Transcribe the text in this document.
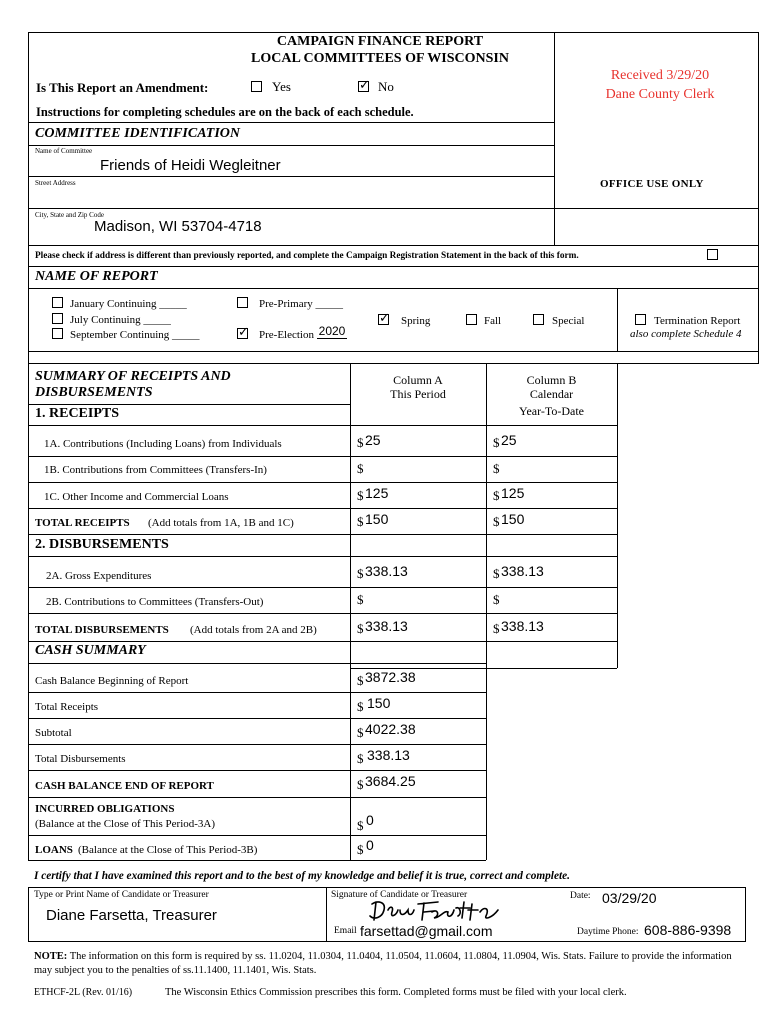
CAMPAIGN FINANCE REPORT
LOCAL COMMITTEES OF WISCONSIN
Is This Report an Amendment:	Yes
✓	No
Instructions for completing schedules are on the back of each schedule.
Received 3/29/20
Dane County Clerk
OFFICE USE ONLY
COMMITTEE IDENTIFICATION
Name of Committee
Friends of Heidi Wegleitner
Street Address
City, State and Zip Code
Madison, WI 53704-4718
Please check if address is different than previously reported, and complete the Campaign Registration Statement in the back of this form.
NAME OF REPORT
January Continuing _____
July Continuing _____
September Continuing _____
Pre-Primary _____
✓
Pre-Election 2020
✓
Spring	Fall	Special	Termination Report
also complete Schedule 4
SUMMARY OF RECEIPTS AND
DISBURSEMENTS
1. RECEIPTS
Column A
This Period
Column B
Calendar
Year-To-Date
1A. Contributions (Including Loans) from Individuals	$ 25	$ 25
1B. Contributions from Committees (Transfers-In)	$	$
1C. Other Income and Commercial Loans	$ 125	$ 125
TOTAL RECEIPTS (Add totals from 1A, 1B and 1C)	$ 150	$ 150
2. DISBURSEMENTS
2A. Gross Expenditures	$ 338.13	$ 338.13
2B. Contributions to Committees (Transfers-Out)	$	$
TOTAL DISBURSEMENTS (Add totals from 2A and 2B)	$ 338.13	$ 338.13
CASH SUMMARY
Cash Balance Beginning of Report	$ 3872.38
Total Receipts	$ 150
Subtotal	$ 4022.38
Total Disbursements	$ 338.13
CASH BALANCE END OF REPORT	$ 3684.25
INCURRED OBLIGATIONS
(Balance at the Close of This Period-3A)	$ 0
LOANS (Balance at the Close of This Period-3B)	$ 0
I certify that I have examined this report and to the best of my knowledge and belief it is true, correct and complete.
Type or Print Name of Candidate or Treasurer
Diane Farsetta, Treasurer
Signature of Candidate or Treasurer
Email farsettad@gmail.com
Date: 03/29/20
Daytime Phone: 608-886-9398
NOTE: The information on this form is required by ss. 11.0204, 11.0304, 11.0404, 11.0504, 11.0604, 11.0804, 11.0904, Wis. Stats. Failure to provide the information may subject you to the penalties of ss.11.1400, 11.1401, Wis. Stats.
ETHCF-2L (Rev. 01/16)	The Wisconsin Ethics Commission prescribes this form. Completed forms must be filed with your local clerk.
